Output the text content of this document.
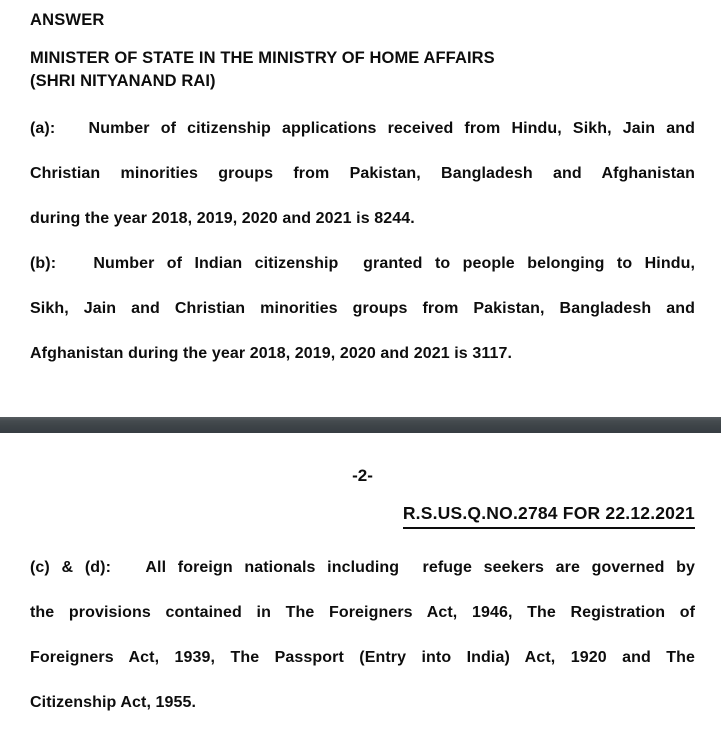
ANSWER
MINISTER OF STATE IN THE MINISTRY OF HOME AFFAIRS
(SHRI NITYANAND RAI)
(a):   Number of citizenship applications received from Hindu, Sikh, Jain and
Christian minorities groups from Pakistan, Bangladesh and Afghanistan
during the year 2018, 2019, 2020 and 2021 is 8244.
(b):   Number of Indian citizenship  granted to people belonging to Hindu,
Sikh, Jain and Christian minorities groups from Pakistan, Bangladesh and
Afghanistan during the year 2018, 2019, 2020 and 2021 is 3117.
-2-
R.S.US.Q.NO.2784 FOR 22.12.2021
(c) & (d):   All foreign nationals including  refuge seekers are governed by
the provisions contained in The Foreigners Act, 1946, The Registration of
Foreigners Act, 1939, The Passport (Entry into India) Act, 1920 and The
Citizenship Act, 1955.
